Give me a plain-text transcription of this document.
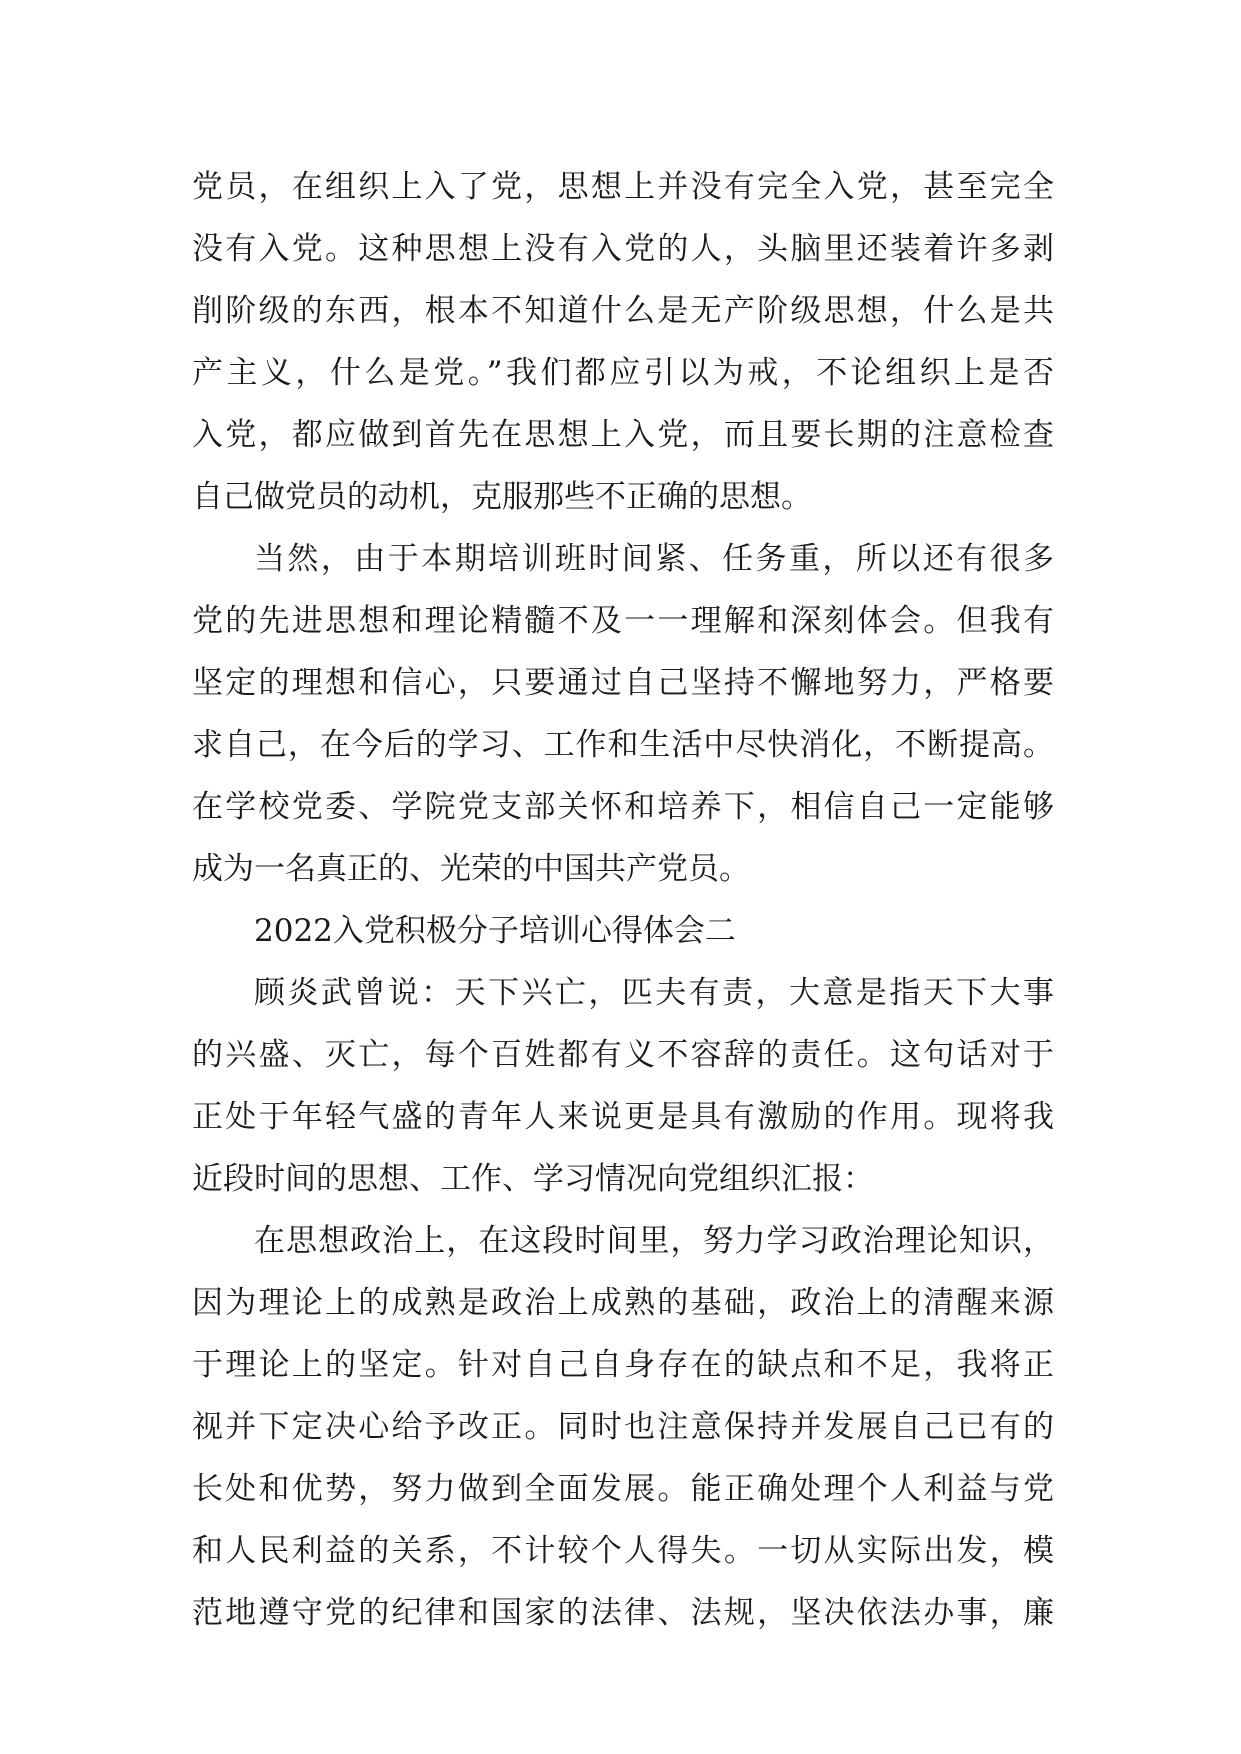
党员，在组织上入了党，思想上并没有完全入党，甚至完全
没有入党。这种思想上没有入党的人，头脑里还装着许多剥
削阶级的东西，根本不知道什么是无产阶级思想，什么是共
产主义，什么是党。”我们都应引以为戒，不论组织上是否
入党，都应做到首先在思想上入党，而且要长期的注意检查
自己做党员的动机，克服那些不正确的思想。
当然，由于本期培训班时间紧、任务重，所以还有很多
党的先进思想和理论精髓不及一一理解和深刻体会。但我有
坚定的理想和信心，只要通过自己坚持不懈地努力，严格要
求自己，在今后的学习、工作和生活中尽快消化，不断提高。
在学校党委、学院党支部关怀和培养下，相信自己一定能够
成为一名真正的、光荣的中国共产党员。
2022入党积极分子培训心得体会二
顾炎武曾说：天下兴亡，匹夫有责，大意是指天下大事
的兴盛、灭亡，每个百姓都有义不容辞的责任。这句话对于
正处于年轻气盛的青年人来说更是具有激励的作用。现将我
近段时间的思想、工作、学习情况向党组织汇报：
在思想政治上，在这段时间里，努力学习政治理论知识，
因为理论上的成熟是政治上成熟的基础，政治上的清醒来源
于理论上的坚定。针对自己自身存在的缺点和不足，我将正
视并下定决心给予改正。同时也注意保持并发展自己已有的
长处和优势，努力做到全面发展。能正确处理个人利益与党
和人民利益的关系，不计较个人得失。一切从实际出发，模
范地遵守党的纪律和国家的法律、法规，坚决依法办事，廉
